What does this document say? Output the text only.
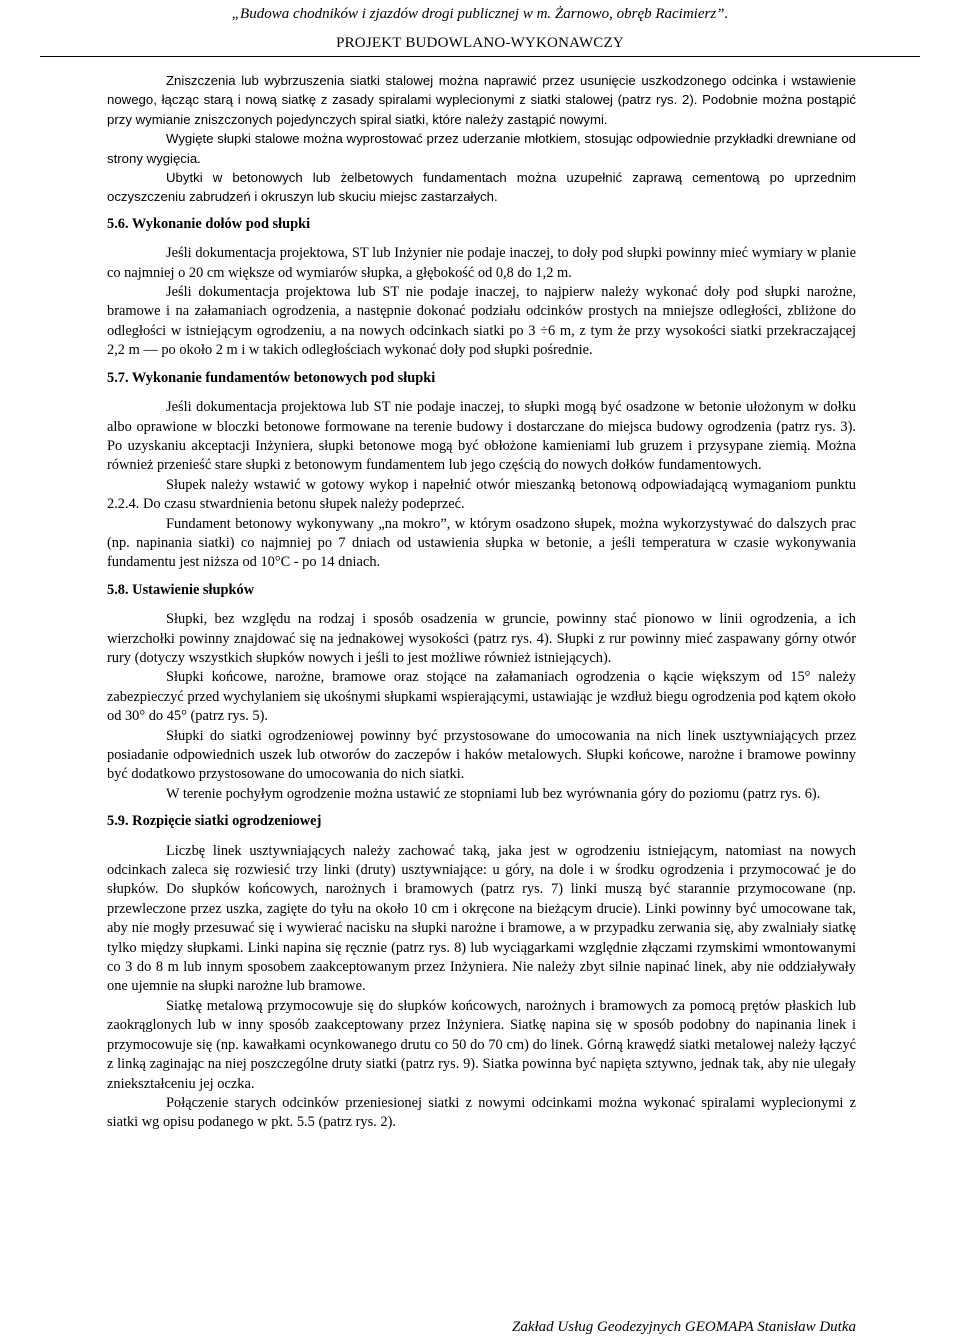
„Budowa chodników i zjazdów drogi publicznej w m. Żarnowo, obręb Racimierz”.
PROJEKT BUDOWLANO-WYKONAWCZY

Zniszczenia lub wybrzuszenia siatki stalowej można naprawić przez usunięcie uszkodzonego odcinka i wstawienie nowego, łącząc starą i nową siatkę z zasady spiralami wyplecionymi z siatki stalowej (patrz rys. 2). Podobnie można postąpić przy wymianie zniszczonych pojedynczych spiral siatki, które należy zastąpić nowymi.

Wygięte słupki stalowe można wyprostować przez uderzanie młotkiem, stosując odpowiednie przykładki drewniane od strony wygięcia.

Ubytki w betonowych lub żelbetowych fundamentach można uzupełnić zaprawą cementową po uprzednim oczyszczeniu zabrudzeń i okruszyn lub skuciu miejsc zastarzałych.

5.6. Wykonanie dołów pod słupki

Jeśli dokumentacja projektowa, ST lub Inżynier nie podaje inaczej, to doły pod słupki powinny mieć wymiary w planie co najmniej o 20 cm większe od wymiarów słupka, a głębokość od 0,8 do 1,2 m.

Jeśli dokumentacja projektowa lub ST nie podaje inaczej, to najpierw należy wykonać doły pod słupki narożne, bramowe i na załamaniach ogrodzenia, a następnie dokonać podziału odcinków prostych na mniejsze odległości, zbliżone do odległości w istniejącym ogrodzeniu, a na nowych odcinkach siatki po 3 ÷6 m, z tym że przy wysokości siatki przekraczającej 2,2 m — po około 2 m i w takich odległościach wykonać doły pod słupki pośrednie.

5.7. Wykonanie fundamentów betonowych pod słupki

Jeśli dokumentacja projektowa lub ST nie podaje inaczej, to słupki mogą być osadzone w betonie ułożonym w dołku albo oprawione w bloczki betonowe formowane na terenie budowy i dostarczane do miejsca budowy ogrodzenia (patrz rys. 3). Po uzyskaniu akceptacji Inżyniera, słupki betonowe mogą być obłożone kamieniami lub gruzem i przysypane ziemią. Można również przenieść stare słupki z betonowym fundamentem lub jego częścią do nowych dołków fundamentowych.

Słupek należy wstawić w gotowy wykop i napełnić otwór mieszanką betonową odpowiadającą wymaganiom punktu 2.2.4. Do czasu stwardnienia betonu słupek należy podeprzeć.

Fundament betonowy wykonywany „na mokro”, w którym osadzono słupek, można wykorzystywać do dalszych prac (np. napinania siatki) co najmniej po 7 dniach od ustawienia słupka w betonie, a jeśli temperatura w czasie wykonywania fundamentu jest niższa od 10°C - po 14 dniach.

5.8. Ustawienie słupków

Słupki, bez względu na rodzaj i sposób osadzenia w gruncie, powinny stać pionowo w linii ogrodzenia, a ich wierzchołki powinny znajdować się na jednakowej wysokości (patrz rys. 4). Słupki z rur powinny mieć zaspawany górny otwór rury (dotyczy wszystkich słupków nowych i jeśli to jest możliwe również istniejących).

Słupki końcowe, narożne, bramowe oraz stojące na załamaniach ogrodzenia o kącie większym od 15° należy zabezpieczyć przed wychylaniem się ukośnymi słupkami wspierającymi, ustawiając je wzdłuż biegu ogrodzenia pod kątem około od 30° do 45° (patrz rys. 5).

Słupki do siatki ogrodzeniowej powinny być przystosowane do umocowania na nich linek usztywniających przez posiadanie odpowiednich uszek lub otworów do zaczepów i haków metalowych. Słupki końcowe, narożne i bramowe powinny być dodatkowo przystosowane do umocowania do nich siatki.

W terenie pochyłym ogrodzenie można ustawić ze stopniami lub bez wyrównania góry do poziomu (patrz rys. 6).

5.9. Rozpięcie siatki ogrodzeniowej

Liczbę linek usztywniających należy zachować taką, jaka jest w ogrodzeniu istniejącym, natomiast na nowych odcinkach zaleca się rozwiesić trzy linki (druty) usztywniające: u góry, na dole i w środku ogrodzenia i przymocować je do słupków. Do słupków końcowych, narożnych i bramowych (patrz rys. 7) linki muszą być starannie przymocowane (np. przewleczone przez uszka, zagięte do tyłu na około 10 cm i okręcone na bieżącym drucie). Linki powinny być umocowane tak, aby nie mogły przesuwać się i wywierać nacisku na słupki narożne i bramowe, a w przypadku zerwania się, aby zwalniały siatkę tylko między słupkami. Linki napina się ręcznie (patrz rys. 8) lub wyciągarkami względnie złączami rzymskimi wmontowanymi co 3 do 8 m lub innym sposobem zaakceptowanym przez Inżyniera. Nie należy zbyt silnie napinać linek, aby nie oddziaływały one ujemnie na słupki narożne lub bramowe.

Siatkę metalową przymocowuje się do słupków końcowych, narożnych i bramowych za pomocą prętów płaskich lub zaokrąglonych lub w inny sposób zaakceptowany przez Inżyniera. Siatkę napina się w sposób podobny do napinania linek i przymocowuje się (np. kawałkami ocynkowanego drutu co 50 do 70 cm) do linek. Górną krawędź siatki metalowej należy łączyć z linką zaginając na niej poszczególne druty siatki (patrz rys. 9). Siatka powinna być napięta sztywno, jednak tak, aby nie ulegały zniekształceniu jej oczka.

Połączenie starych odcinków przeniesionej siatki z nowymi odcinkami można wykonać spiralami wyplecionymi z siatki wg opisu podanego w pkt. 5.5 (patrz rys. 2).

Zakład Usług Geodezyjnych GEOMAPA Stanisław Dutka
